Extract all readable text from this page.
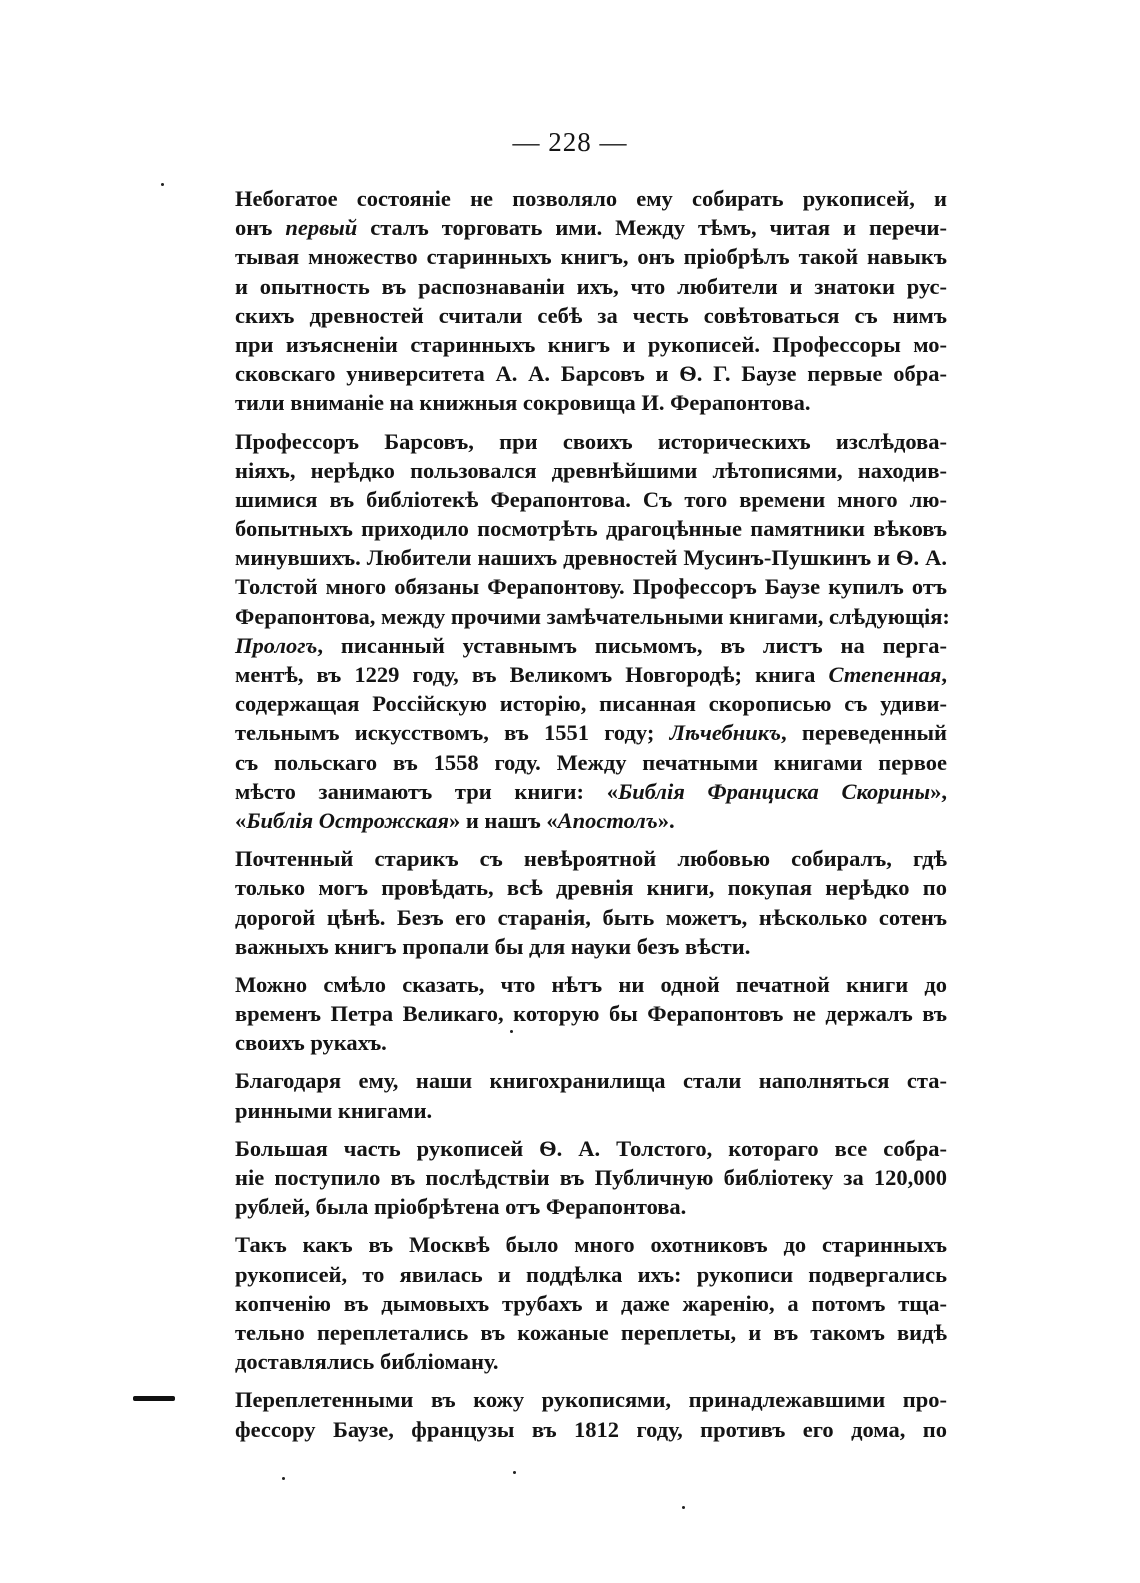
— 228 —
Небогатое состоянiе не позволяло ему собирать рукописей, и
онъ первый сталъ торговать ими. Между тѣмъ, читая и перечи-
тывая множество старинныхъ книгъ, онъ прiобрѣлъ такой навыкъ
и опытность въ распознаванiи ихъ, что любители и знатоки рус-
скихъ древностей считали себѣ за честь совѣтоваться съ нимъ
при изъясненiи старинныхъ книгъ и рукописей. Профессоры мо-
сковскаго университета А. А. Барсовъ и Ѳ. Г. Баузе первые обра-
тили вниманiе на книжныя сокровища И. Ферапонтова.
Профессоръ Барсовъ, при своихъ историческихъ изслѣдова-
нiяхъ, нерѣдко пользовался древнѣйшими лѣтописями, находив-
шимися въ библiотекѣ Ферапонтова. Съ того времени много лю-
бопытныхъ приходило посмотрѣть драгоцѣнные памятники вѣковъ
минувшихъ. Любители нашихъ древностей Мусинъ-Пушкинъ и Ѳ. А.
Толстой много обязаны Ферапонтову. Профессоръ Баузе купилъ отъ
Ферапонтова, между прочими замѣчательными книгами, слѣдующiя:
Прологъ, писанный уставнымъ письмомъ, въ листъ на перга-
ментѣ, въ 1229 году, въ Великомъ Новгородѣ; книга Степенная,
содержащая Россiйскую исторiю, писанная скорописью съ удиви-
тельнымъ искусствомъ, въ 1551 году; Лѣчебникъ, переведенный
съ польскаго въ 1558 году. Между печатными книгами первое
мѣсто занимаютъ три книги: «Библiя Франциска Скорины»,
«Библiя Острожская» и нашъ «Апостолъ».
Почтенный старикъ съ невѣроятной любовью собиралъ, гдѣ
только могъ провѣдать, всѣ древнiя книги, покупая нерѣдко по
дорогой цѣнѣ. Безъ его старанiя, быть можетъ, нѣсколько сотенъ
важныхъ книгъ пропали бы для науки безъ вѣсти.
Можно смѣло сказать, что нѣтъ ни одной печатной книги до
временъ Петра Великаго, которую бы Ферапонтовъ не держалъ въ
своихъ рукахъ.
Благодаря ему, наши книгохранилища стали наполняться ста-
ринными книгами.
Большая часть рукописей Ѳ. А. Толстого, котораго все собра-
нiе поступило въ послѣдствiи въ Публичную библiотеку за 120,000
рублей, была прiобрѣтена отъ Ферапонтова.
Такъ какъ въ Москвѣ было много охотниковъ до старинныхъ
рукописей, то явилась и поддѣлка ихъ: рукописи подвергались
копченiю въ дымовыхъ трубахъ и даже жаренiю, а потомъ тща-
тельно переплетались въ кожаные переплеты, и въ такомъ видѣ
доставлялись библiоману.
Переплетенными въ кожу рукописями, принадлежавшими про-
фессору Баузе, французы въ 1812 году, противъ его дома, по
